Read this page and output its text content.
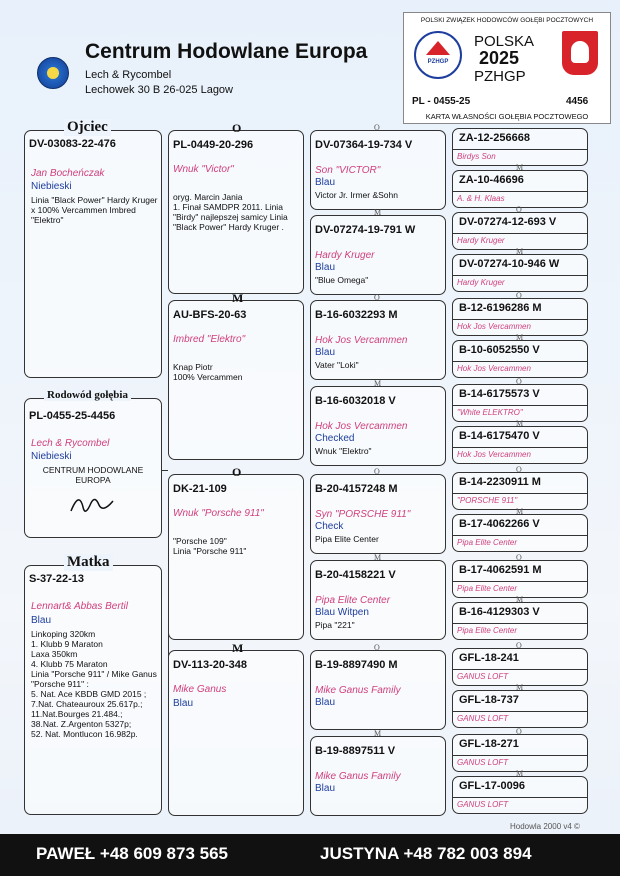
Centrum Hodowlane Europa
Lech & Rycombel
Lechowek 30 B 26-025 Lagow
POLSKI ZWIĄZEK HODOWCÓW GOŁĘBI POCZTOWYCH
PZHGP
POLSKA
2025
PZHGP
PL - 0455-25	4456
KARTA WŁASNOŚCI GOŁĘBIA POCZTOWEGO
DV-03083-22-476
Jan Bocheńczak
Niebieski
Linia "Black Power" Hardy Kruger x 100% Vercammen Imbred "Elektro"
Ojciec
PL-0455-25-4456
Lech & Rycombel
Niebieski
CENTRUM HODOWLANE EUROPA
Rodowód gołębia
S-37-22-13
Lennart& Abbas Bertil
Blau
Linkoping 320km
1. Klubb 9 Maraton
Laxa 350km
4. Klubb 75 Maraton
Linia "Porsche 911" / Mike Ganus
"Porsche 911" :
5. Nat. Ace KBDB GMD 2015 ;
7.Nat. Chateauroux 25.617p.;
11.Nat.Bourges 21.484.;
38.Nat. Z.Argenton 5327p;
52. Nat. Montlucon 16.982p.
Matka
PL-0449-20-296
Wnuk "Victor"
oryg. Marcin Jania
1. Finał SAMDPR 2011. Linia "Birdy" najlepszej samicy Linia "Black Power" Hardy Kruger .
O
AU-BFS-20-63
Imbred "Elektro"
Knap Piotr
100% Vercammen
M
DK-21-109
Wnuk "Porsche 911"
"Porsche 109"
Linia "Porsche 911"
O
DV-113-20-348
Mike Ganus
Blau
M
DV-07364-19-734 V
Son "VICTOR"
Blau
Victor Jr. Irmer &Sohn
O
DV-07274-19-791 W
Hardy Kruger
Blau
"Blue Omega"
M
B-16-6032293 M
Hok Jos Vercammen
Blau
Vater "Loki"
O
B-16-6032018 V
Hok Jos Vercammen
Checked
Wnuk "Elektro"
M
B-20-4157248 M
Syn "PORSCHE 911"
Check
Pipa Elite Center
O
B-20-4158221 V
Pipa Elite Center
Blau Witpen
Pipa "221"
M
B-19-8897490 M
Mike Ganus Family
Blau
O
B-19-8897511 V
Mike Ganus Family
Blau
M
ZA-12-256668
Birdys Son
ZA-10-46696
A. & H. Klaas
M
DV-07274-12-693 V
Hardy Kruger
O
DV-07274-10-946 W
Hardy Kruger
M
B-12-6196286 M
Hok Jos Vercammen
O
B-10-6052550 V
Hok Jos Vercammen
M
B-14-6175573 V
"White ELEKTRO"
O
B-14-6175470 V
Hok Jos Vercammen
M
B-14-2230911 M
"PORSCHE 911"
O
B-17-4062266 V
Pipa Elite Center
M
B-17-4062591 M
Pipa Elite Center
O
B-16-4129303 V
Pipa Elite Center
M
GFL-18-241
GANUS LOFT
O
GFL-18-737
GANUS LOFT
M
GFL-18-271
GANUS LOFT
O
GFL-17-0096
GANUS LOFT
M
Hodowla 2000 v4 ©
PAWEŁ +48 609 873 565	JUSTYNA +48 782 003 894
